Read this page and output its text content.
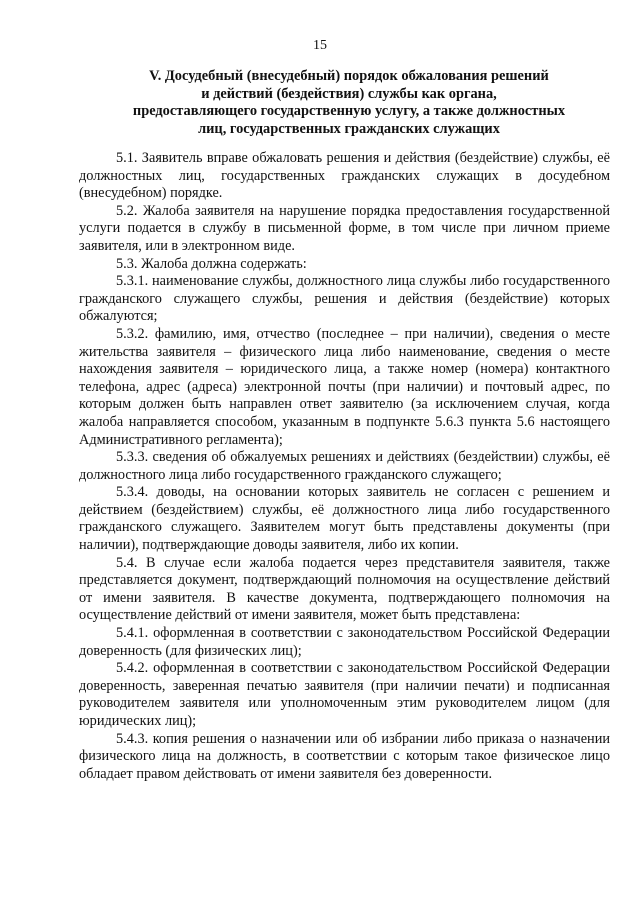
15
V. Досудебный (внесудебный) порядок обжалования решений
и действий (бездействия) службы как органа,
предоставляющего государственную услугу, а также должностных
лиц, государственных гражданских служащих

5.1. Заявитель вправе обжаловать решения и действия (бездействие) службы, её должностных лиц, государственных гражданских служащих в досудебном (внесудебном) порядке.

5.2. Жалоба заявителя на нарушение порядка предоставления государственной услуги подается в службу в письменной форме, в том числе при личном приеме заявителя, или в электронном виде.

5.3. Жалоба должна содержать:

5.3.1. наименование службы, должностного лица службы либо государственного гражданского служащего службы, решения и действия (бездействие) которых обжалуются;

5.3.2. фамилию, имя, отчество (последнее – при наличии), сведения о месте жительства заявителя – физического лица либо наименование, сведения о месте нахождения заявителя – юридического лица, а также номер (номера) контактного телефона, адрес (адреса) электронной почты (при наличии) и почтовый адрес, по которым должен быть направлен ответ заявителю (за исключением случая, когда жалоба направляется способом, указанным в подпункте 5.6.3 пункта 5.6 настоящего Административного регламента);

5.3.3. сведения об обжалуемых решениях и действиях (бездействии) службы, её должностного лица либо государственного гражданского служащего;

5.3.4. доводы, на основании которых заявитель не согласен с решением и действием (бездействием) службы, её должностного лица либо государственного гражданского служащего. Заявителем могут быть представлены документы (при наличии), подтверждающие доводы заявителя, либо их копии.

5.4. В случае если жалоба подается через представителя заявителя, также представляется документ, подтверждающий полномочия на осуществление действий от имени заявителя. В качестве документа, подтверждающего полномочия на осуществление действий от имени заявителя, может быть представлена:

5.4.1. оформленная в соответствии с законодательством Российской Федерации доверенность (для физических лиц);

5.4.2. оформленная в соответствии с законодательством Российской Федерации доверенность, заверенная печатью заявителя (при наличии печати) и подписанная руководителем заявителя или уполномоченным этим руководителем лицом (для юридических лиц);

5.4.3. копия решения о назначении или об избрании либо приказа о назначении физического лица на должность, в соответствии с которым такое физическое лицо обладает правом действовать от имени заявителя без доверенности.
